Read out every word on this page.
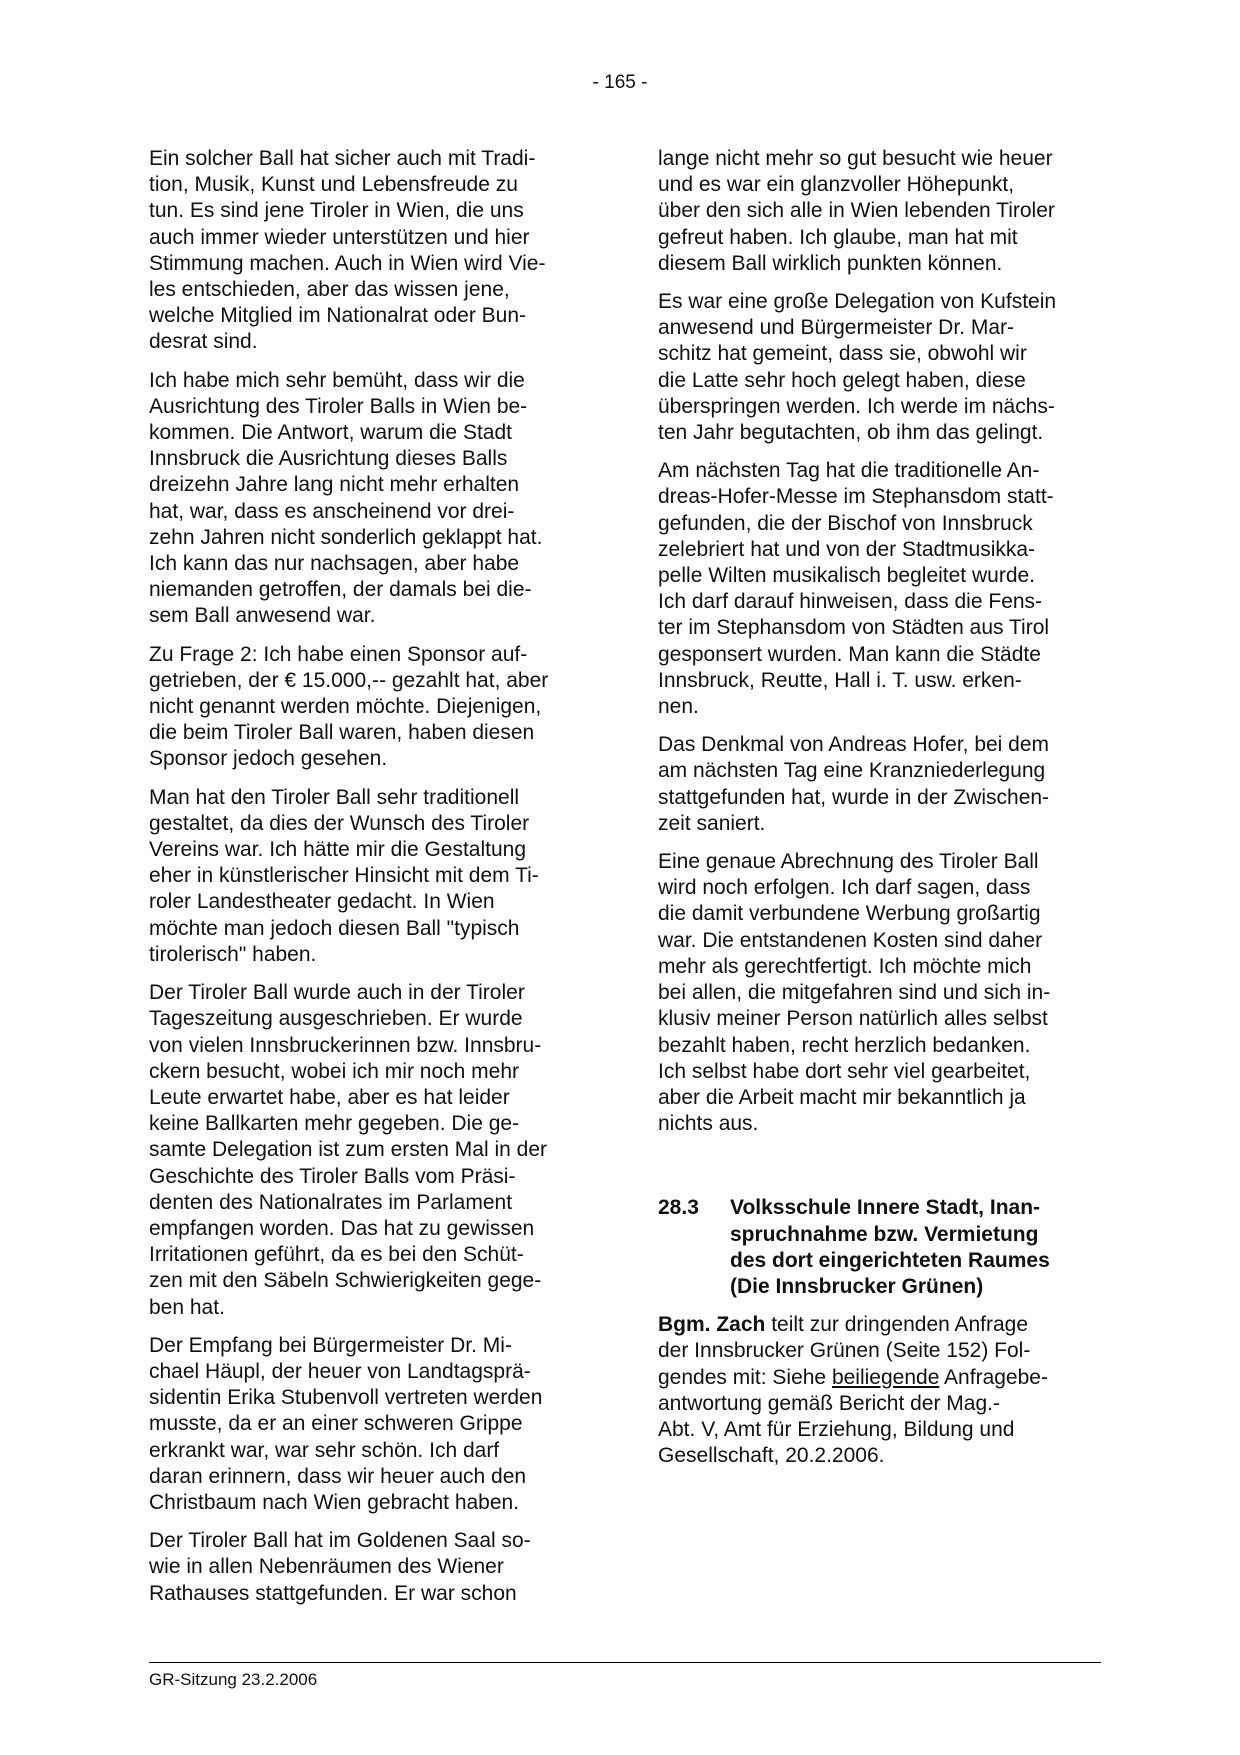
- 165 -
Ein solcher Ball hat sicher auch mit Tradi-
tion, Musik, Kunst und Lebensfreude zu
tun. Es sind jene Tiroler in Wien, die uns
auch immer wieder unterstützen und hier
Stimmung machen. Auch in Wien wird Vie-
les entschieden, aber das wissen jene,
welche Mitglied im Nationalrat oder Bun-
desrat sind.
Ich habe mich sehr bemüht, dass wir die
Ausrichtung des Tiroler Balls in Wien be-
kommen. Die Antwort, warum die Stadt
Innsbruck die Ausrichtung dieses Balls
dreizehn Jahre lang nicht mehr erhalten
hat, war, dass es anscheinend vor drei-
zehn Jahren nicht sonderlich geklappt hat.
Ich kann das nur nachsagen, aber habe
niemanden getroffen, der damals bei die-
sem Ball anwesend war.
Zu Frage 2: Ich habe einen Sponsor auf-
getrieben, der € 15.000,-- gezahlt hat, aber
nicht genannt werden möchte. Diejenigen,
die beim Tiroler Ball waren, haben diesen
Sponsor jedoch gesehen.
Man hat den Tiroler Ball sehr traditionell
gestaltet, da dies der Wunsch des Tiroler
Vereins war. Ich hätte mir die Gestaltung
eher in künstlerischer Hinsicht mit dem Ti-
roler Landestheater gedacht. In Wien
möchte man jedoch diesen Ball "typisch
tirolerisch" haben.
Der Tiroler Ball wurde auch in der Tiroler
Tageszeitung ausgeschrieben. Er wurde
von vielen Innsbruckerinnen bzw. Innsbru-
ckern besucht, wobei ich mir noch mehr
Leute erwartet habe, aber es hat leider
keine Ballkarten mehr gegeben. Die ge-
samte Delegation ist zum ersten Mal in der
Geschichte des Tiroler Balls vom Präsi-
denten des Nationalrates im Parlament
empfangen worden. Das hat zu gewissen
Irritationen geführt, da es bei den Schüt-
zen mit den Säbeln Schwierigkeiten gege-
ben hat.
Der Empfang bei Bürgermeister Dr. Mi-
chael Häupl, der heuer von Landtagsprä-
sidentin Erika Stubenvoll vertreten werden
musste, da er an einer schweren Grippe
erkrankt war, war sehr schön. Ich darf
daran erinnern, dass wir heuer auch den
Christbaum nach Wien gebracht haben.
Der Tiroler Ball hat im Goldenen Saal so-
wie in allen Nebenräumen des Wiener
Rathauses stattgefunden. Er war schon
lange nicht mehr so gut besucht wie heuer
und es war ein glanzvoller Höhepunkt,
über den sich alle in Wien lebenden Tiroler
gefreut haben. Ich glaube, man hat mit
diesem Ball wirklich punkten können.
Es war eine große Delegation von Kufstein
anwesend und Bürgermeister Dr. Mar-
schitz hat gemeint, dass sie, obwohl wir
die Latte sehr hoch gelegt haben, diese
überspringen werden. Ich werde im nächs-
ten Jahr begutachten, ob ihm das gelingt.
Am nächsten Tag hat die traditionelle An-
dreas-Hofer-Messe im Stephansdom statt-
gefunden, die der Bischof von Innsbruck
zelebriert hat und von der Stadtmusikka-
pelle Wilten musikalisch begleitet wurde.
Ich darf darauf hinweisen, dass die Fens-
ter im Stephansdom von Städten aus Tirol
gesponsert wurden. Man kann die Städte
Innsbruck, Reutte, Hall i. T. usw. erken-
nen.
Das Denkmal von Andreas Hofer, bei dem
am nächsten Tag eine Kranzniederlegung
stattgefunden hat, wurde in der Zwischen-
zeit saniert.
Eine genaue Abrechnung des Tiroler Ball
wird noch erfolgen. Ich darf sagen, dass
die damit verbundene Werbung großartig
war. Die entstandenen Kosten sind daher
mehr als gerechtfertigt. Ich möchte mich
bei allen, die mitgefahren sind und sich in-
klusiv meiner Person natürlich alles selbst
bezahlt haben, recht herzlich bedanken.
Ich selbst habe dort sehr viel gearbeitet,
aber die Arbeit macht mir bekanntlich ja
nichts aus.
28.3 Volksschule Innere Stadt, Inan-
spruchnahme bzw. Vermietung
des dort eingerichteten Raumes
(Die Innsbrucker Grünen)
Bgm. Zach teilt zur dringenden Anfrage
der Innsbrucker Grünen (Seite 152) Fol-
gendes mit: Siehe beiliegende Anfragebe-
antwortung gemäß Bericht der Mag.-
Abt. V, Amt für Erziehung, Bildung und
Gesellschaft, 20.2.2006.
GR-Sitzung 23.2.2006
